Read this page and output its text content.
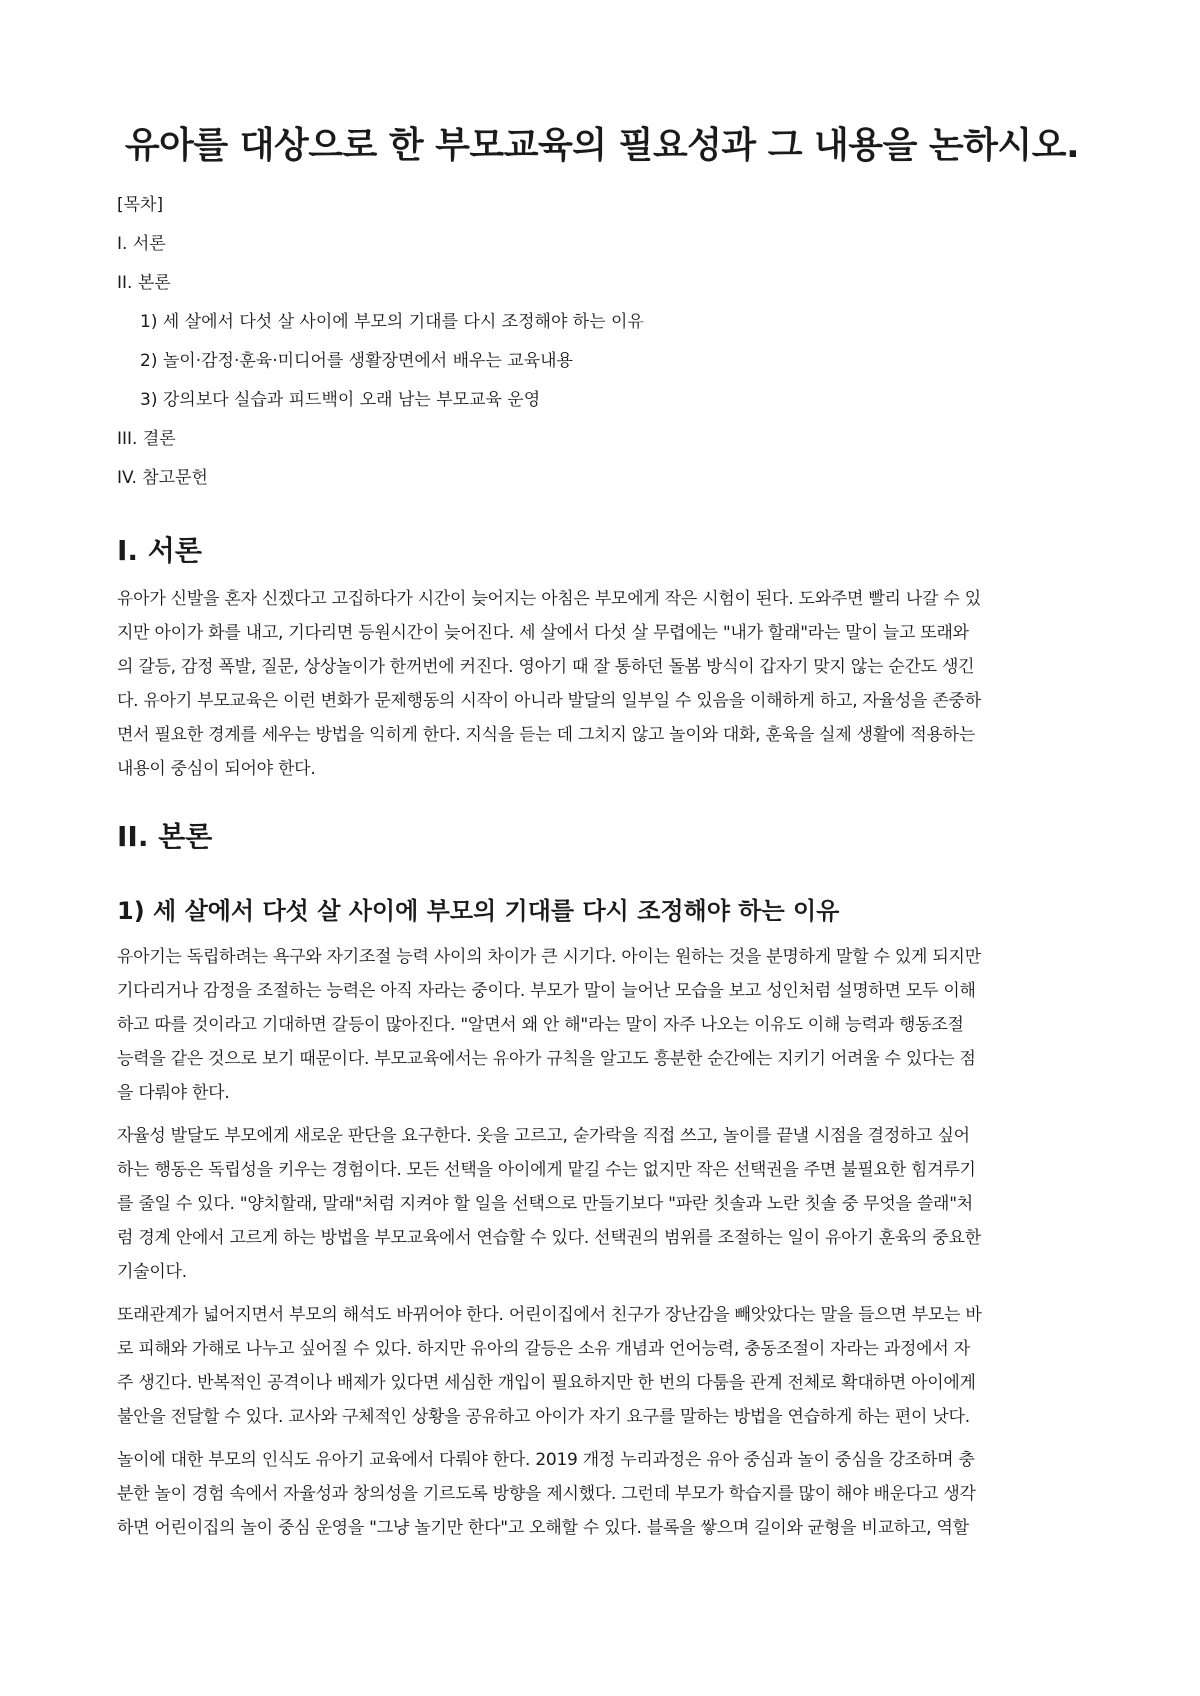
유아를 대상으로 한 부모교육의 필요성과 그 내용을 논하시오.
[목차]
I. 서론
II. 본론
1) 세 살에서 다섯 살 사이에 부모의 기대를 다시 조정해야 하는 이유
2) 놀이·감정·훈육·미디어를 생활장면에서 배우는 교육내용
3) 강의보다 실습과 피드백이 오래 남는 부모교육 운영
III. 결론
IV. 참고문헌
I. 서론
유아가 신발을 혼자 신겠다고 고집하다가 시간이 늦어지는 아침은 부모에게 작은 시험이 된다. 도와주면 빨리 나갈 수 있
지만 아이가 화를 내고, 기다리면 등원시간이 늦어진다. 세 살에서 다섯 살 무렵에는 "내가 할래"라는 말이 늘고 또래와
의 갈등, 감정 폭발, 질문, 상상놀이가 한꺼번에 커진다. 영아기 때 잘 통하던 돌봄 방식이 갑자기 맞지 않는 순간도 생긴
다. 유아기 부모교육은 이런 변화가 문제행동의 시작이 아니라 발달의 일부일 수 있음을 이해하게 하고, 자율성을 존중하
면서 필요한 경계를 세우는 방법을 익히게 한다. 지식을 듣는 데 그치지 않고 놀이와 대화, 훈육을 실제 생활에 적용하는
내용이 중심이 되어야 한다.
II. 본론
1) 세 살에서 다섯 살 사이에 부모의 기대를 다시 조정해야 하는 이유
유아기는 독립하려는 욕구와 자기조절 능력 사이의 차이가 큰 시기다. 아이는 원하는 것을 분명하게 말할 수 있게 되지만
기다리거나 감정을 조절하는 능력은 아직 자라는 중이다. 부모가 말이 늘어난 모습을 보고 성인처럼 설명하면 모두 이해
하고 따를 것이라고 기대하면 갈등이 많아진다. "알면서 왜 안 해"라는 말이 자주 나오는 이유도 이해 능력과 행동조절
능력을 같은 것으로 보기 때문이다. 부모교육에서는 유아가 규칙을 알고도 흥분한 순간에는 지키기 어려울 수 있다는 점
을 다뤄야 한다.
자율성 발달도 부모에게 새로운 판단을 요구한다. 옷을 고르고, 숟가락을 직접 쓰고, 놀이를 끝낼 시점을 결정하고 싶어
하는 행동은 독립성을 키우는 경험이다. 모든 선택을 아이에게 맡길 수는 없지만 작은 선택권을 주면 불필요한 힘겨루기
를 줄일 수 있다. "양치할래, 말래"처럼 지켜야 할 일을 선택으로 만들기보다 "파란 칫솔과 노란 칫솔 중 무엇을 쓸래"처
럼 경계 안에서 고르게 하는 방법을 부모교육에서 연습할 수 있다. 선택권의 범위를 조절하는 일이 유아기 훈육의 중요한
기술이다.
또래관계가 넓어지면서 부모의 해석도 바뀌어야 한다. 어린이집에서 친구가 장난감을 빼앗았다는 말을 들으면 부모는 바
로 피해와 가해로 나누고 싶어질 수 있다. 하지만 유아의 갈등은 소유 개념과 언어능력, 충동조절이 자라는 과정에서 자
주 생긴다. 반복적인 공격이나 배제가 있다면 세심한 개입이 필요하지만 한 번의 다툼을 관계 전체로 확대하면 아이에게
불안을 전달할 수 있다. 교사와 구체적인 상황을 공유하고 아이가 자기 요구를 말하는 방법을 연습하게 하는 편이 낫다.
놀이에 대한 부모의 인식도 유아기 교육에서 다뤄야 한다. 2019 개정 누리과정은 유아 중심과 놀이 중심을 강조하며 충
분한 놀이 경험 속에서 자율성과 창의성을 기르도록 방향을 제시했다. 그런데 부모가 학습지를 많이 해야 배운다고 생각
하면 어린이집의 놀이 중심 운영을 "그냥 놀기만 한다"고 오해할 수 있다. 블록을 쌓으며 길이와 균형을 비교하고, 역할
